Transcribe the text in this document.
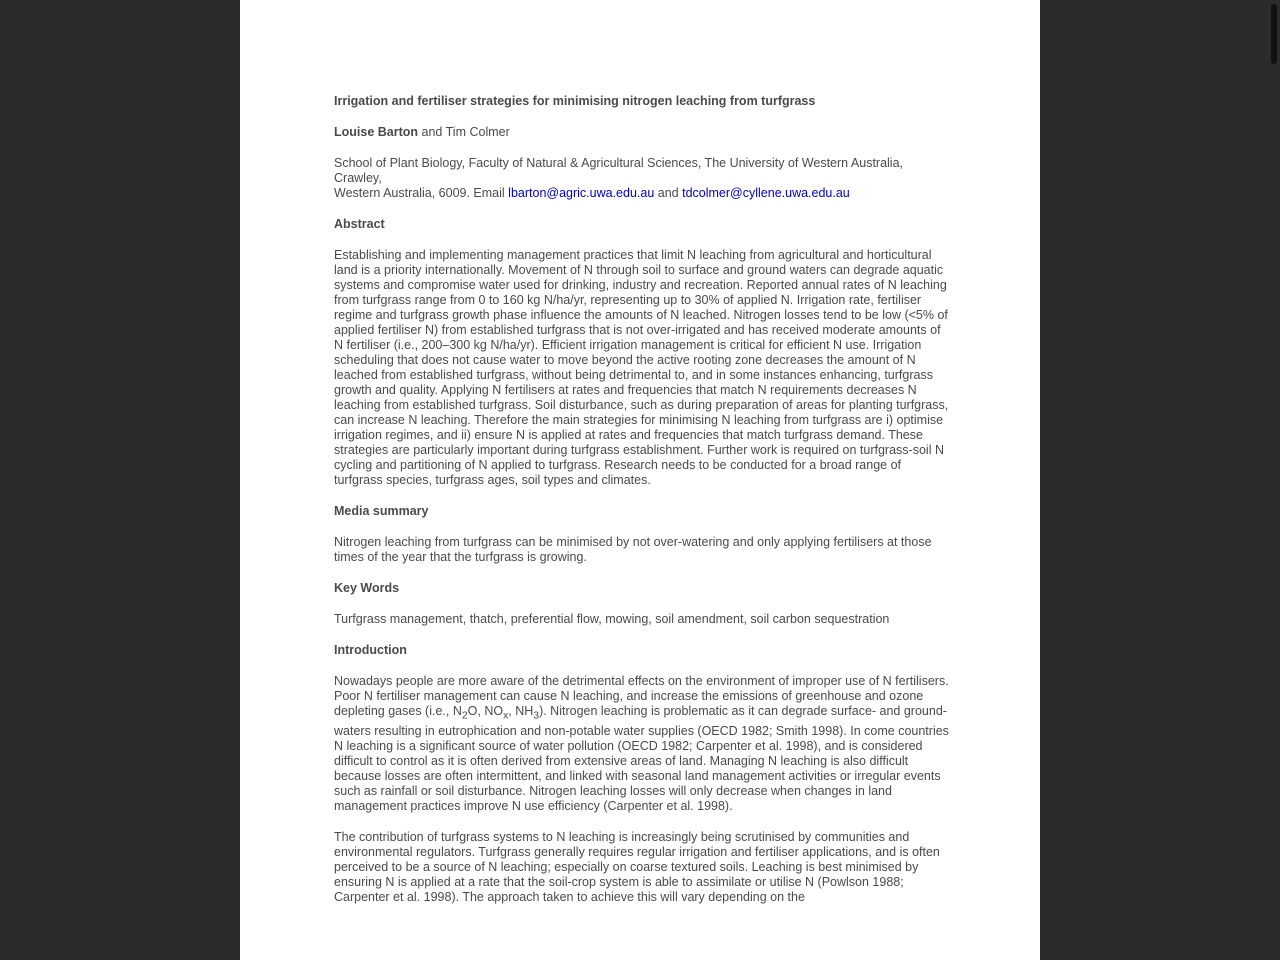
Irrigation and fertiliser strategies for minimising nitrogen leaching from turfgrass

Louise Barton and Tim Colmer

School of Plant Biology, Faculty of Natural & Agricultural Sciences, The University of Western Australia, Crawley,
Western Australia, 6009. Email lbarton@agric.uwa.edu.au and tdcolmer@cyllene.uwa.edu.au

Abstract

Establishing and implementing management practices that limit N leaching from agricultural and horticultural land is a priority internationally. Movement of N through soil to surface and ground waters can degrade aquatic systems and compromise water used for drinking, industry and recreation. Reported annual rates of N leaching from turfgrass range from 0 to 160 kg N/ha/yr, representing up to 30% of applied N. Irrigation rate, fertiliser regime and turfgrass growth phase influence the amounts of N leached. Nitrogen losses tend to be low (<5% of applied fertiliser N) from established turfgrass that is not over-irrigated and has received moderate amounts of N fertiliser (i.e., 200–300 kg N/ha/yr). Efficient irrigation management is critical for efficient N use. Irrigation scheduling that does not cause water to move beyond the active rooting zone decreases the amount of N leached from established turfgrass, without being detrimental to, and in some instances enhancing, turfgrass growth and quality. Applying N fertilisers at rates and frequencies that match N requirements decreases N leaching from established turfgrass. Soil disturbance, such as during preparation of areas for planting turfgrass, can increase N leaching. Therefore the main strategies for minimising N leaching from turfgrass are i) optimise irrigation regimes, and ii) ensure N is applied at rates and frequencies that match turfgrass demand. These strategies are particularly important during turfgrass establishment. Further work is required on turfgrass-soil N cycling and partitioning of N applied to turfgrass. Research needs to be conducted for a broad range of turfgrass species, turfgrass ages, soil types and climates.

Media summary

Nitrogen leaching from turfgrass can be minimised by not over-watering and only applying fertilisers at those times of the year that the turfgrass is growing.

Key Words

Turfgrass management, thatch, preferential flow, mowing, soil amendment, soil carbon sequestration

Introduction

Nowadays people are more aware of the detrimental effects on the environment of improper use of N fertilisers. Poor N fertiliser management can cause N leaching, and increase the emissions of greenhouse and ozone depleting gases (i.e., $N_2O$, $NO_x$, $NH_3$). Nitrogen leaching is problematic as it can degrade surface- and ground-waters resulting in eutrophication and non-potable water supplies (OECD 1982; Smith 1998). In come countries N leaching is a significant source of water pollution (OECD 1982; Carpenter et al. 1998), and is considered difficult to control as it is often derived from extensive areas of land. Managing N leaching is also difficult because losses are often intermittent, and linked with seasonal land management activities or irregular events such as rainfall or soil disturbance. Nitrogen leaching losses will only decrease when changes in land management practices improve N use efficiency (Carpenter et al. 1998).

The contribution of turfgrass systems to N leaching is increasingly being scrutinised by communities and environmental regulators. Turfgrass generally requires regular irrigation and fertiliser applications, and is often perceived to be a source of N leaching; especially on coarse textured soils. Leaching is best minimised by ensuring N is applied at a rate that the soil-crop system is able to assimilate or utilise N (Powlson 1988; Carpenter et al. 1998). The approach taken to achieve this will vary depending on the
